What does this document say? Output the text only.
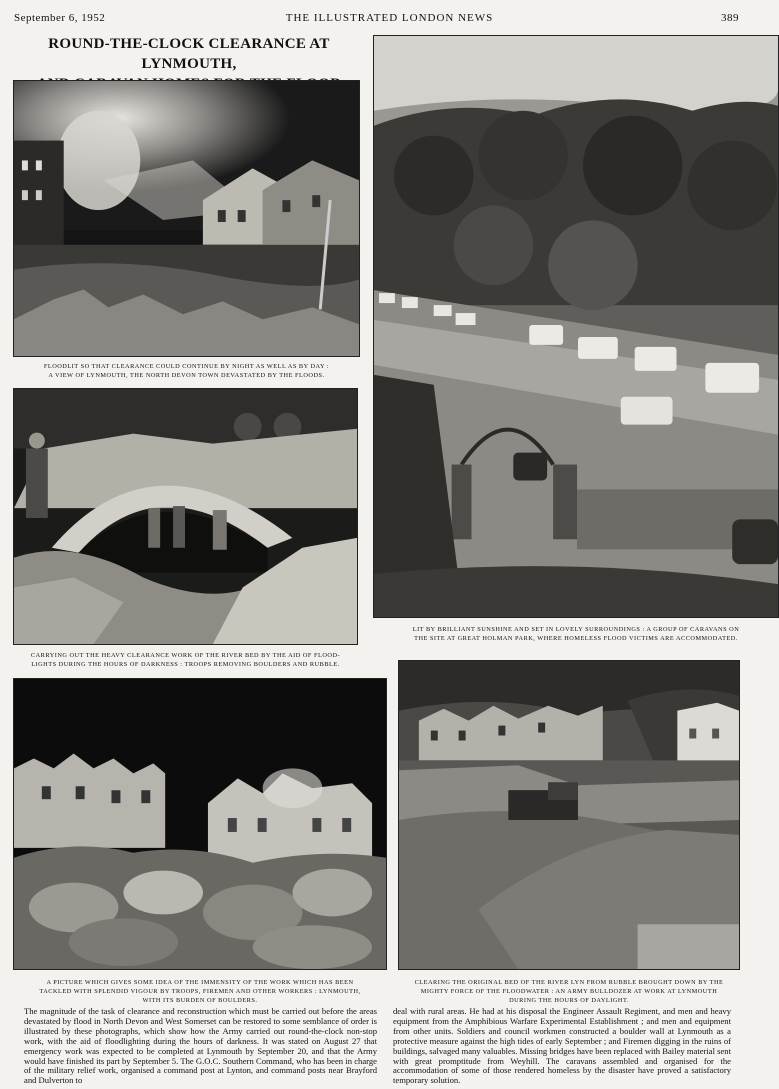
THE ILLUSTRATED LONDON NEWS
September 6, 1952	389
ROUND-THE-CLOCK CLEARANCE AT LYNMOUTH,
FLOODLIT SO THAT CLEARANCE COULD CONTINUE BY NIGHT AS WELL AS BY DAY :
A VIEW OF LYNMOUTH, THE NORTH DEVON TOWN DEVASTATED BY THE FLOODS.
CARRYING OUT THE HEAVY CLEARANCE WORK OF THE RIVER BED BY THE AID OF FLOOD-
LIGHTS DURING THE HOURS OF DARKNESS : TROOPS REMOVING BOULDERS AND RUBBLE.
LIT BY BRILLIANT SUNSHINE AND SET IN LOVELY SURROUNDINGS : A GROUP OF CARAVANS ON
THE SITE AT GREAT HOLMAN PARK, WHERE HOMELESS FLOOD VICTIMS ARE ACCOMMODATED.
A PICTURE WHICH GIVES SOME IDEA OF THE IMMENSITY OF THE WORK WHICH HAS BEEN
TACKLED WITH SPLENDID VIGOUR BY TROOPS, FIREMEN AND OTHER WORKERS : LYNMOUTH,
WITH ITS BURDEN OF BOULDERS.
CLEARING THE ORIGINAL BED OF THE RIVER LYN FROM RUBBLE BROUGHT DOWN BY THE
MIGHTY FORCE OF THE FLOODWATER : AN ARMY BULLDOZER AT WORK AT LYNMOUTH
DURING THE HOURS OF DAYLIGHT.
The magnitude of the task of clearance and reconstruction which must be carried out before the areas devastated by flood in North Devon and West Somerset can be restored to some semblance of order is illustrated by these photographs, which show how the Army carried out round-the-clock non-stop work, with the aid of floodlighting during the hours of darkness. It was stated on August 27 that emergency work was expected to be completed at Lynmouth by September 20, and that the Army would have finished its part by September 5. The G.O.C. Southern Command, who has been in charge of the military relief work, organised a command post at Lynton, and command posts near Brayford and Dulverton to
deal with rural areas. He had at his disposal the Engineer Assault Regiment, and men and heavy equipment from the Amphibious Warfare Experimental Establishment ; and men and equipment from other units. Soldiers and council workmen constructed a boulder wall at Lynmouth as a protective measure against the high tides of early September ; and Firemen digging in the ruins of buildings, salvaged many valuables. Missing bridges have been replaced with Bailey material sent with great promptitude from Weyhill. The caravans assembled and organised for the accommodation of some of those rendered homeless by the disaster have proved a satisfactory temporary solution.
